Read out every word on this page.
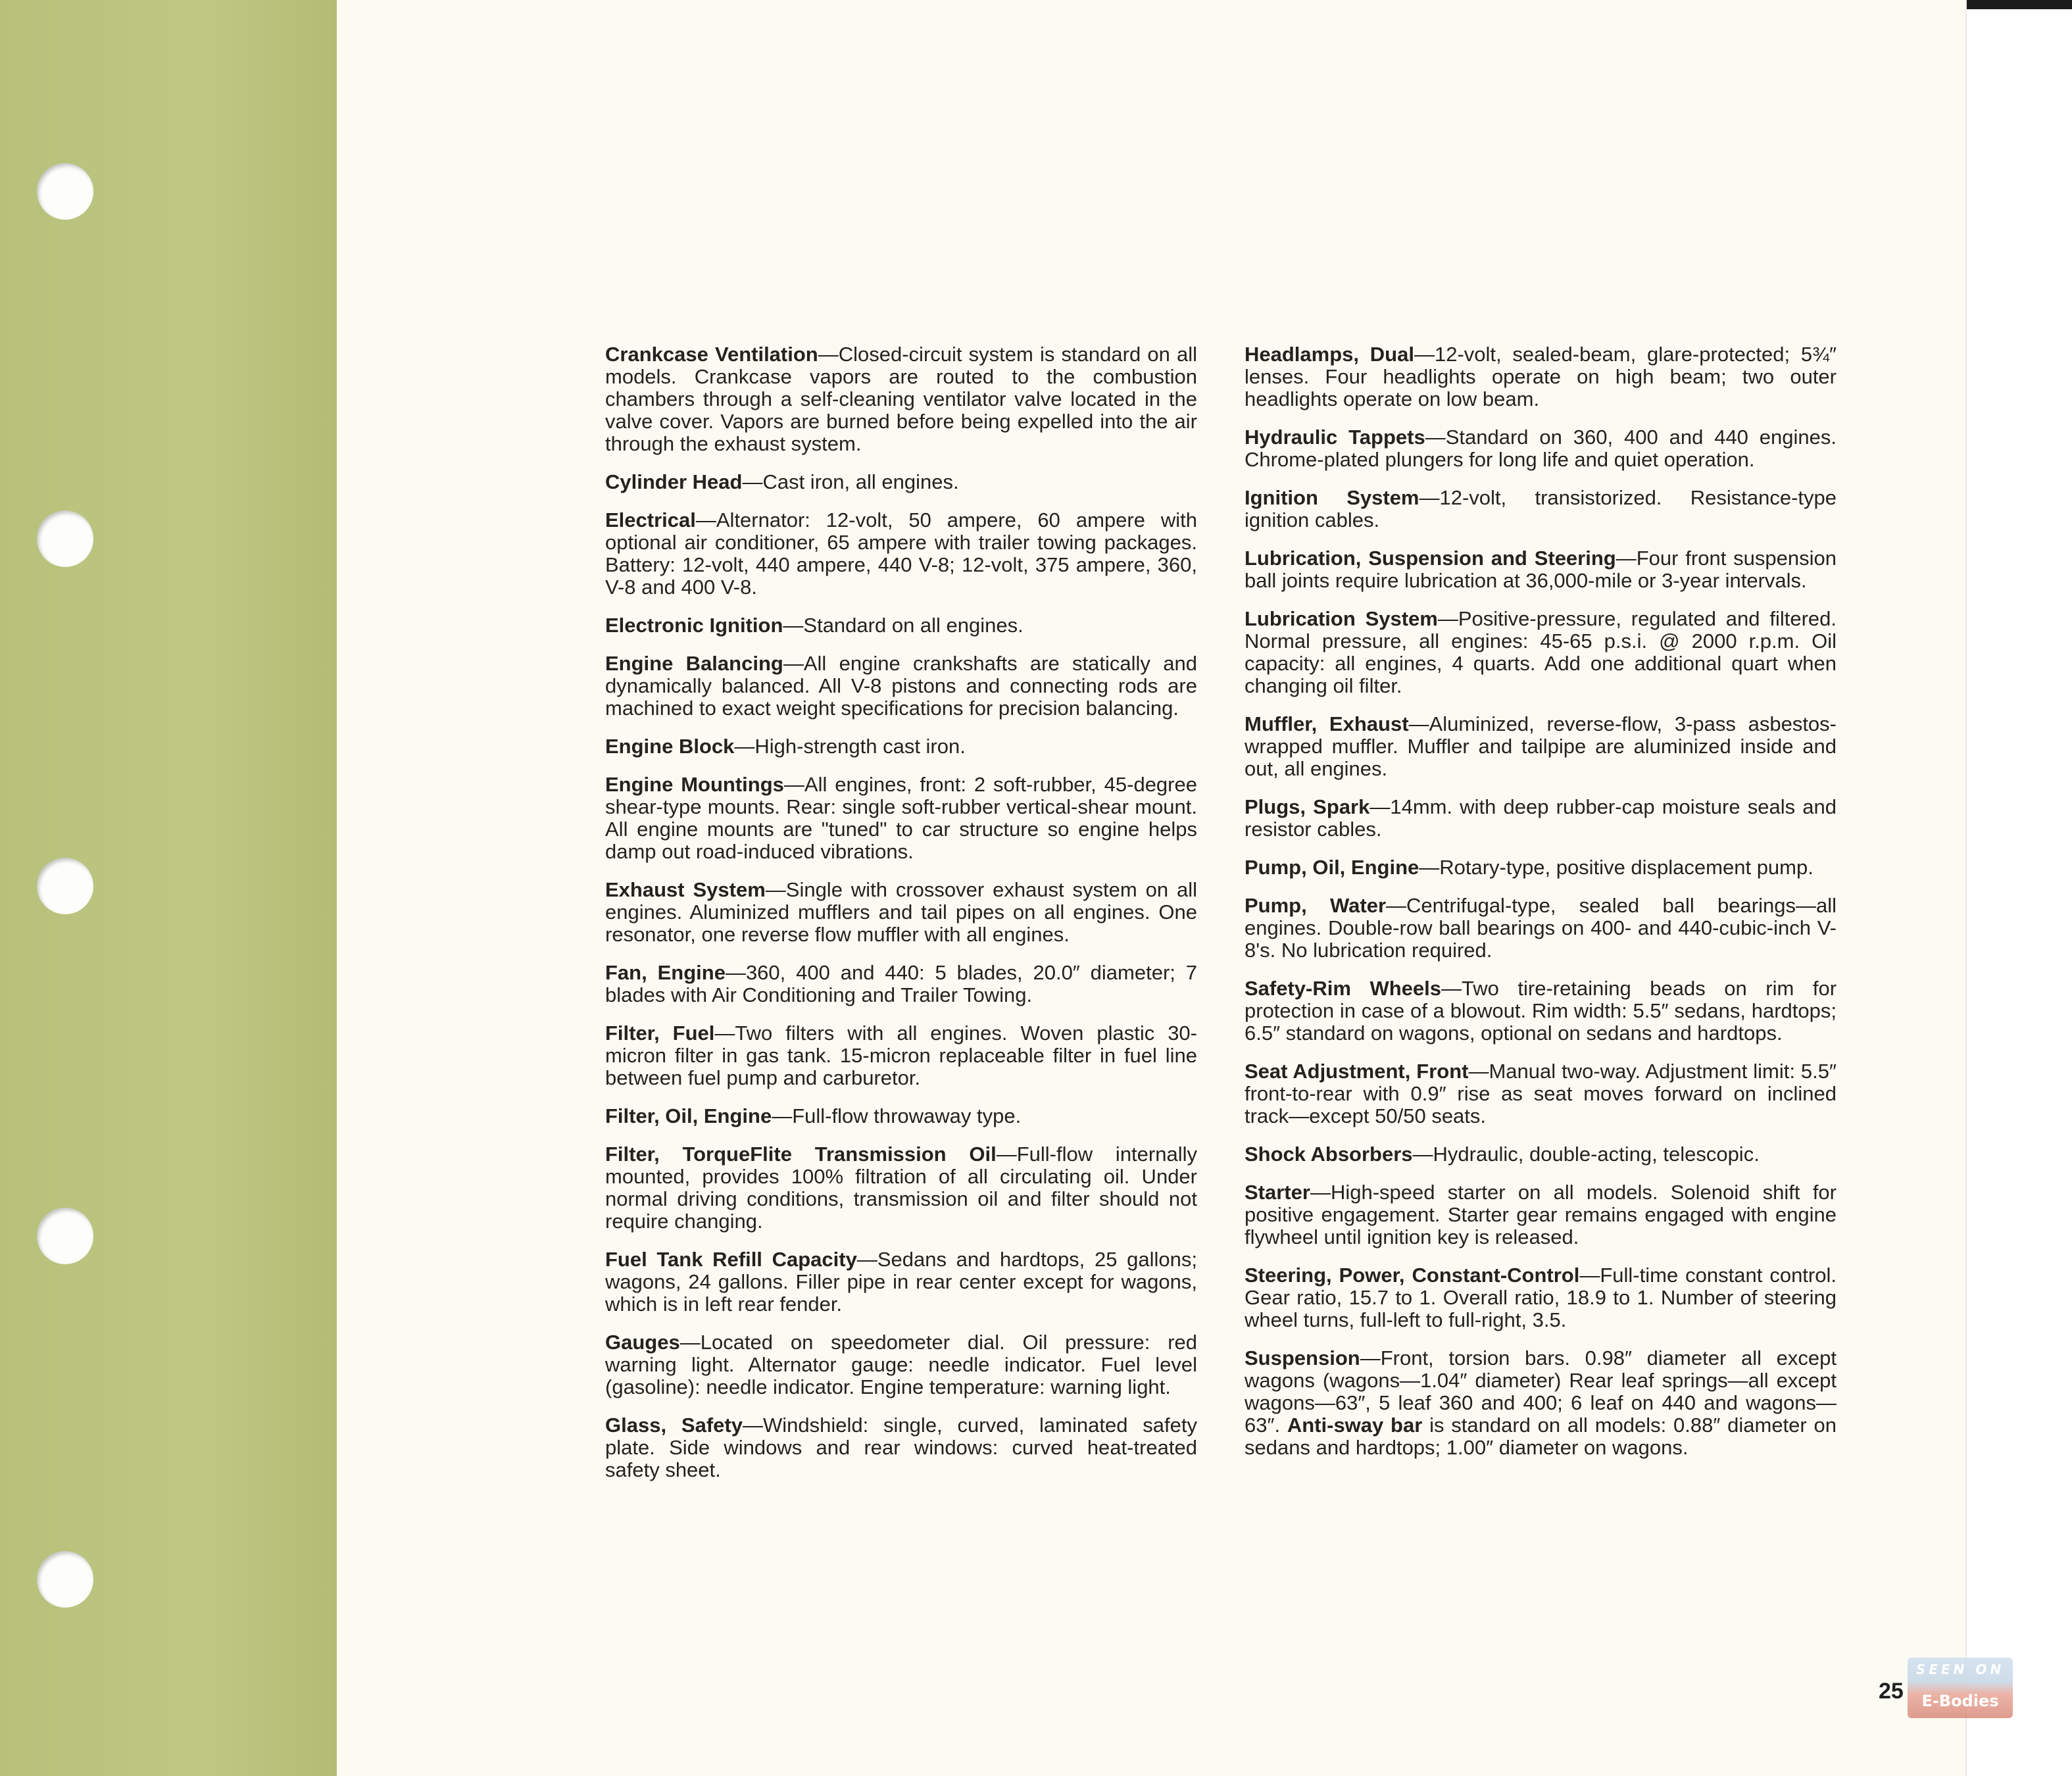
Crankcase Ventilation—Closed-circuit system is standard on all models. Crankcase vapors are routed to the combustion chambers through a self-cleaning ventilator valve located in the valve cover. Vapors are burned before being expelled into the air through the exhaust system.

Cylinder Head—Cast iron, all engines.

Electrical—Alternator: 12-volt, 50 ampere, 60 ampere with optional air conditioner, 65 ampere with trailer towing packages. Battery: 12-volt, 440 ampere, 440 V-8; 12-volt, 375 ampere, 360, V-8 and 400 V-8.

Electronic Ignition—Standard on all engines.

Engine Balancing—All engine crankshafts are statically and dynamically balanced. All V-8 pistons and connecting rods are machined to exact weight specifications for precision balancing.

Engine Block—High-strength cast iron.

Engine Mountings—All engines, front: 2 soft-rubber, 45-degree shear-type mounts. Rear: single soft-rubber vertical-shear mount. All engine mounts are "tuned" to car structure so engine helps damp out road-induced vibrations.

Exhaust System—Single with crossover exhaust system on all engines. Aluminized mufflers and tail pipes on all engines. One resonator, one reverse flow muffler with all engines.

Fan, Engine—360, 400 and 440: 5 blades, 20.0″ diameter; 7 blades with Air Conditioning and Trailer Towing.

Filter, Fuel—Two filters with all engines. Woven plastic 30-micron filter in gas tank. 15-micron replaceable filter in fuel line between fuel pump and carburetor.

Filter, Oil, Engine—Full-flow throwaway type.

Filter, TorqueFlite Transmission Oil—Full-flow internally mounted, provides 100% filtration of all circulating oil. Under normal driving conditions, transmission oil and filter should not require changing.

Fuel Tank Refill Capacity—Sedans and hardtops, 25 gallons; wagons, 24 gallons. Filler pipe in rear center except for wagons, which is in left rear fender.

Gauges—Located on speedometer dial. Oil pressure: red warning light. Alternator gauge: needle indicator. Fuel level (gasoline): needle indicator. Engine temperature: warning light.

Glass, Safety—Windshield: single, curved, laminated safety plate. Side windows and rear windows: curved heat-treated safety sheet.

Headlamps, Dual—12-volt, sealed-beam, glare-protected; 5¾″ lenses. Four headlights operate on high beam; two outer headlights operate on low beam.

Hydraulic Tappets—Standard on 360, 400 and 440 engines. Chrome-plated plungers for long life and quiet operation.

Ignition System—12-volt, transistorized. Resistance-type ignition cables.

Lubrication, Suspension and Steering—Four front suspension ball joints require lubrication at 36,000-mile or 3-year intervals.

Lubrication System—Positive-pressure, regulated and filtered. Normal pressure, all engines: 45-65 p.s.i. @ 2000 r.p.m. Oil capacity: all engines, 4 quarts. Add one additional quart when changing oil filter.

Muffler, Exhaust—Aluminized, reverse-flow, 3-pass asbestos-wrapped muffler. Muffler and tailpipe are aluminized inside and out, all engines.

Plugs, Spark—14mm. with deep rubber-cap moisture seals and resistor cables.

Pump, Oil, Engine—Rotary-type, positive displacement pump.

Pump, Water—Centrifugal-type, sealed ball bearings—all engines. Double-row ball bearings on 400- and 440-cubic-inch V-8's. No lubrication required.

Safety-Rim Wheels—Two tire-retaining beads on rim for protection in case of a blowout. Rim width: 5.5″ sedans, hardtops; 6.5″ standard on wagons, optional on sedans and hardtops.

Seat Adjustment, Front—Manual two-way. Adjustment limit: 5.5″ front-to-rear with 0.9″ rise as seat moves forward on inclined track—except 50/50 seats.

Shock Absorbers—Hydraulic, double-acting, telescopic.

Starter—High-speed starter on all models. Solenoid shift for positive engagement. Starter gear remains engaged with engine flywheel until ignition key is released.

Steering, Power, Constant-Control—Full-time constant control. Gear ratio, 15.7 to 1. Overall ratio, 18.9 to 1. Number of steering wheel turns, full-left to full-right, 3.5.

Suspension—Front, torsion bars. 0.98″ diameter all except wagons (wagons—1.04″ diameter) Rear leaf springs—all except wagons—63″, 5 leaf 360 and 400; 6 leaf on 440 and wagons—63″. Anti-sway bar is standard on all models: 0.88″ diameter on sedans and hardtops; 1.00″ diameter on wagons.

25
SEEN ON
E-Bodies
